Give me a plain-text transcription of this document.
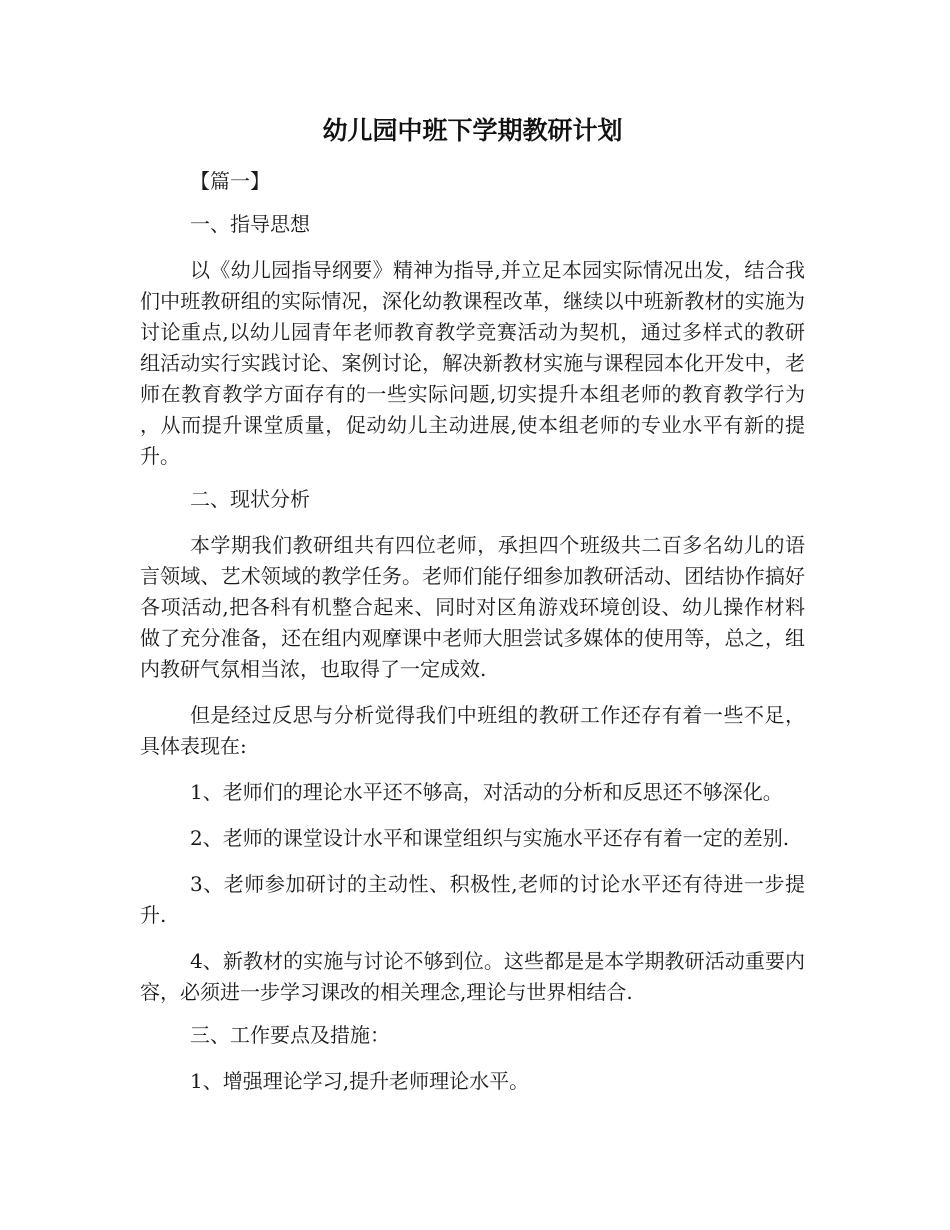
幼儿园中班下学期教研计划

【篇一】

一、指导思想

以《幼儿园指导纲要》精神为指导,并立足本园实际情况出发，结合我们中班教研组的实际情况，深化幼教课程改革，继续以中班新教材的实施为讨论重点,以幼儿园青年老师教育教学竞赛活动为契机，通过多样式的教研组活动实行实践讨论、案例讨论，解决新教材实施与课程园本化开发中，老师在教育教学方面存有的一些实际问题,切实提升本组老师的教育教学行为，从而提升课堂质量，促动幼儿主动进展,使本组老师的专业水平有新的提升。

二、现状分析

本学期我们教研组共有四位老师，承担四个班级共二百多名幼儿的语言领域、艺术领域的教学任务。老师们能仔细参加教研活动、团结协作搞好各项活动,把各科有机整合起来、同时对区角游戏环境创设、幼儿操作材料做了充分准备，还在组内观摩课中老师大胆尝试多媒体的使用等，总之，组内教研气氛相当浓，也取得了一定成效.

但是经过反思与分析觉得我们中班组的教研工作还存有着一些不足，具体表现在:

1、老师们的理论水平还不够高，对活动的分析和反思还不够深化。

2、老师的课堂设计水平和课堂组织与实施水平还存有着一定的差别.

3、老师参加研讨的主动性、积极性,老师的讨论水平还有待进一步提升.

4、新教材的实施与讨论不够到位。这些都是是本学期教研活动重要内容，必须进一步学习课改的相关理念,理论与世界相结合.

三、工作要点及措施：

1、增强理论学习,提升老师理论水平。
